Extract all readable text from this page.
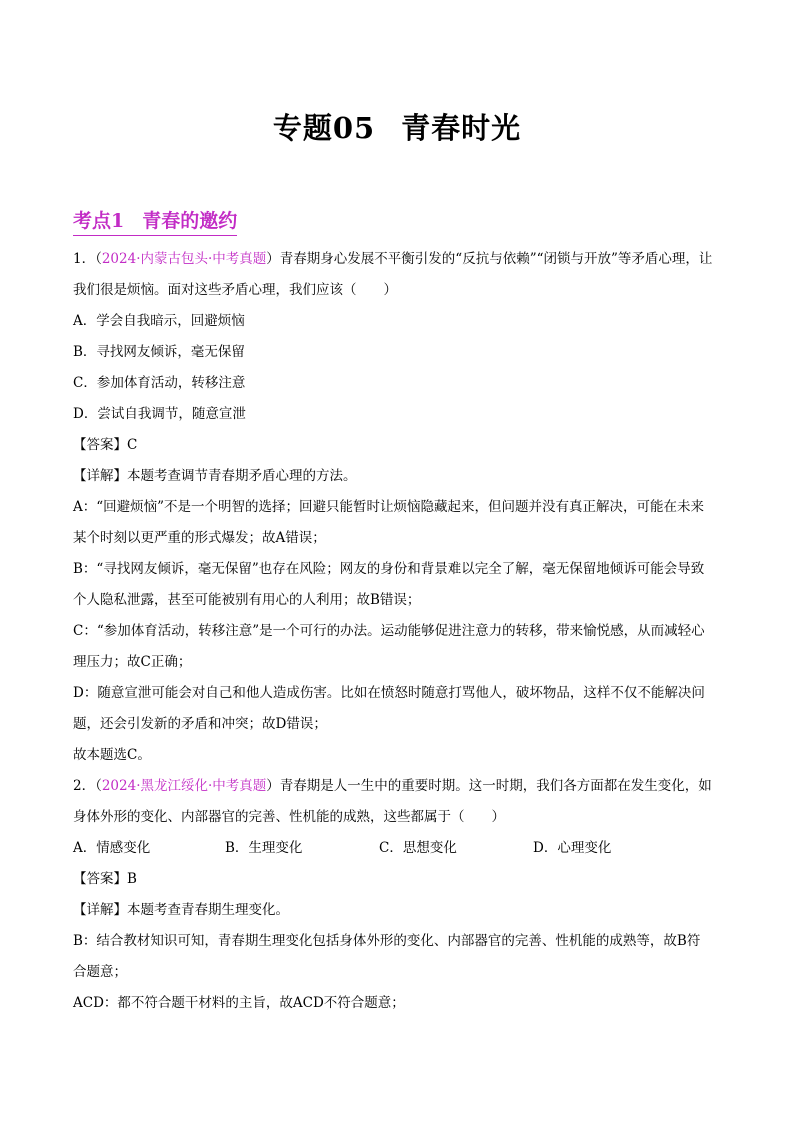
专题05 青春时光
考点1 青春的邀约
1．（2024·内蒙古包头·中考真题）青春期身心发展不平衡引发的“反抗与依赖”“闭锁与开放”等矛盾心理，让
我们很是烦恼。面对这些矛盾心理，我们应该（　　）
A．学会自我暗示，回避烦恼
B．寻找网友倾诉，毫无保留
C．参加体育活动，转移注意
D．尝试自我调节，随意宣泄
【答案】C
【详解】本题考查调节青春期矛盾心理的方法。
A：“回避烦恼”不是一个明智的选择；回避只能暂时让烦恼隐藏起来，但问题并没有真正解决，可能在未来
某个时刻以更严重的形式爆发；故A错误；
B：“寻找网友倾诉，毫无保留”也存在风险；网友的身份和背景难以完全了解，毫无保留地倾诉可能会导致
个人隐私泄露，甚至可能被别有用心的人利用；故B错误；
C：“参加体育活动，转移注意”是一个可行的办法。运动能够促进注意力的转移，带来愉悦感，从而减轻心
理压力；故C正确；
D：随意宣泄可能会对自己和他人造成伤害。比如在愤怒时随意打骂他人，破坏物品，这样不仅不能解决问
题，还会引发新的矛盾和冲突；故D错误；
故本题选C。
2．（2024·黑龙江绥化·中考真题）青春期是人一生中的重要时期。这一时期，我们各方面都在发生变化，如
身体外形的变化、内部器官的完善、性机能的成熟，这些都属于（　　）
A．情感变化	B．生理变化	C．思想变化	D．心理变化
【答案】B
【详解】本题考查青春期生理变化。
B：结合教材知识可知，青春期生理变化包括身体外形的变化、内部器官的完善、性机能的成熟等，故B符
合题意；
ACD：都不符合题干材料的主旨，故ACD不符合题意；
